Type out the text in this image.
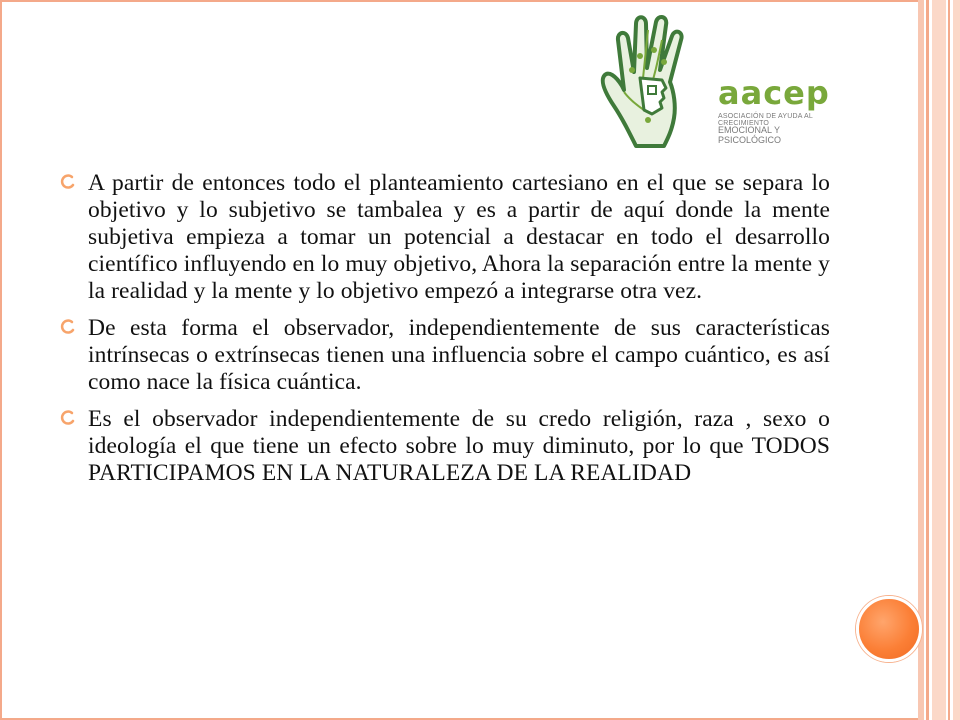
aacep
ASOCIACIÓN DE AYUDA AL CRECIMIENTO
EMOCIONAL Y PSICOLÓGICO
A partir de entonces todo el planteamiento cartesiano en el que se separa lo objetivo y lo subjetivo se tambalea y es a partir de aquí donde la mente subjetiva empieza a tomar un potencial a destacar en todo el desarrollo científico influyendo en lo muy objetivo, Ahora la separación entre la mente y la realidad y la mente y lo objetivo empezó a integrarse otra vez.
De esta forma el observador, independientemente de sus características intrínsecas o extrínsecas tienen una influencia sobre el campo cuántico, es así como nace la física cuántica.
Es el observador independientemente de su credo religión, raza , sexo o ideología el que tiene un efecto sobre lo muy diminuto, por lo que TODOS PARTICIPAMOS EN LA NATURALEZA DE LA REALIDAD
